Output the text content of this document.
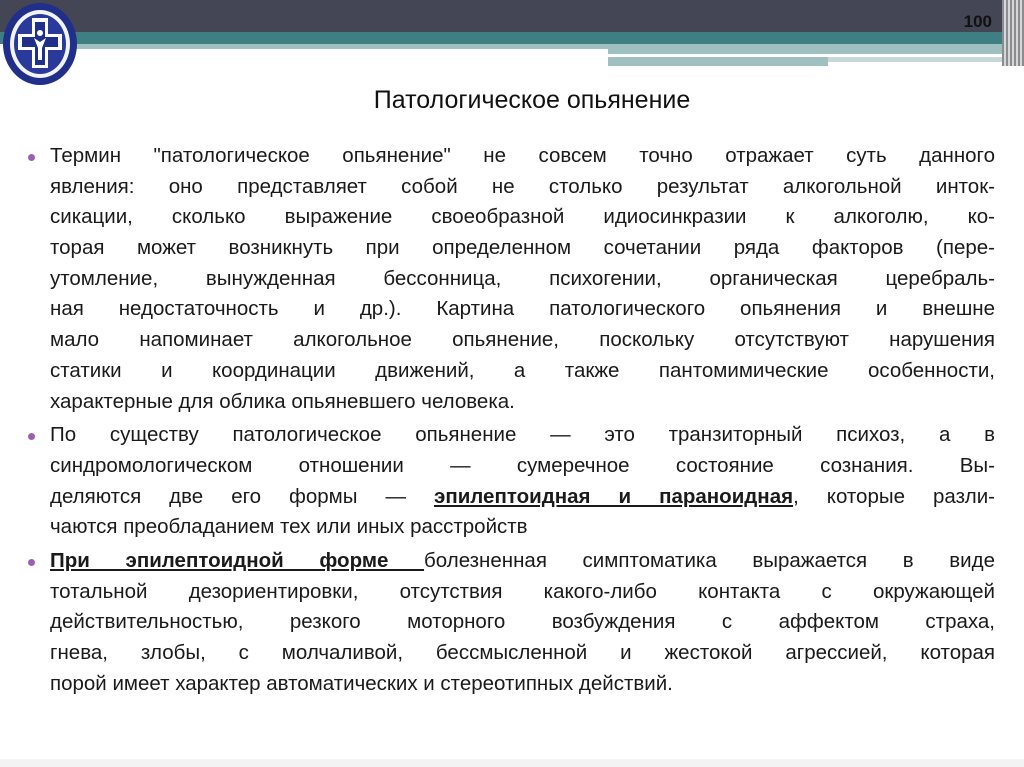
100
Патологическое опьянение
Термин "патологическое опьянение" не совсем точно отражает суть данного
явления: оно представляет собой не столько результат алкогольной инток-
сикации, сколько выражение своеобразной идиосинкразии к алкоголю, ко-
торая может возникнуть при определенном сочетании ряда факторов (пере-
утомление, вынужденная бессонница, психогении, органическая церебраль-
ная недостаточность и др.). Картина патологического опьянения и внешне
мало напоминает алкогольное опьянение, поскольку отсутствуют нарушения
статики и координации движений, а также пантомимические особенности,
характерные для облика опьяневшего человека.
По существу патологическое опьянение — это транзиторный психоз, а в
синдромологическом отношении — сумеречное состояние сознания. Вы-
деляются две его формы — эпилептоидная и параноидная, которые разли-
чаются преобладанием тех или иных расстройств
При эпилептоидной форме болезненная симптоматика выражается в виде
тотальной дезориентировки, отсутствия какого-либо контакта с окружающей
действительностью, резкого моторного возбуждения с аффектом страха,
гнева, злобы, с молчаливой, бессмысленной и жестокой агрессией, которая
порой имеет характер автоматических и стереотипных действий.
